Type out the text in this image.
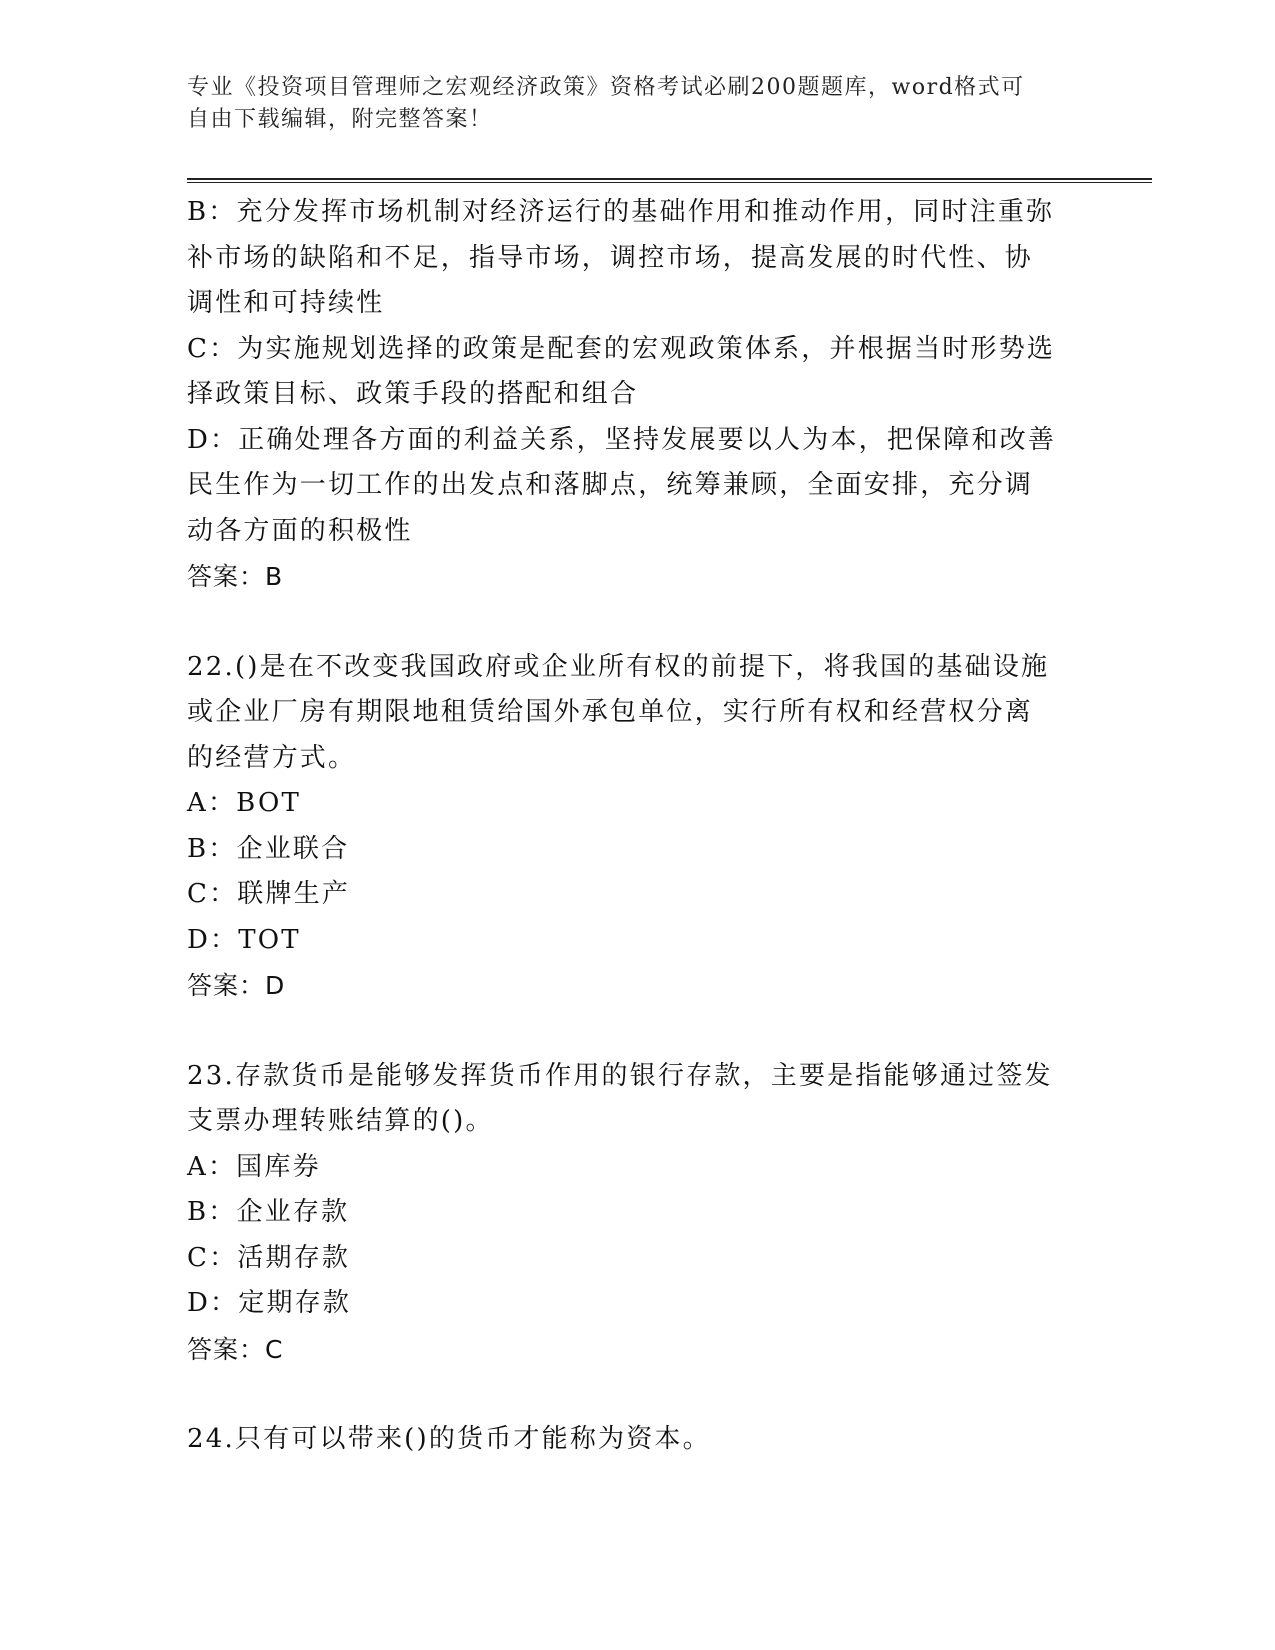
专业《投资项目管理师之宏观经济政策》资格考试必刷200题题库，word格式可
自由下载编辑，附完整答案！
B：充分发挥市场机制对经济运行的基础作用和推动作用，同时注重弥
补市场的缺陷和不足，指导市场，调控市场，提高发展的时代性、协
调性和可持续性
C：为实施规划选择的政策是配套的宏观政策体系，并根据当时形势选
择政策目标、政策手段的搭配和组合
D：正确处理各方面的利益关系，坚持发展要以人为本，把保障和改善
民生作为一切工作的出发点和落脚点，统筹兼顾，全面安排，充分调
动各方面的积极性
答案：B
22.()是在不改变我国政府或企业所有权的前提下，将我国的基础设施
或企业厂房有期限地租赁给国外承包单位，实行所有权和经营权分离
的经营方式。
A：BOT
B：企业联合
C：联牌生产
D：TOT
答案：D
23.存款货币是能够发挥货币作用的银行存款，主要是指能够通过签发
支票办理转账结算的()。
A：国库券
B：企业存款
C：活期存款
D：定期存款
答案：C
24.只有可以带来()的货币才能称为资本。
